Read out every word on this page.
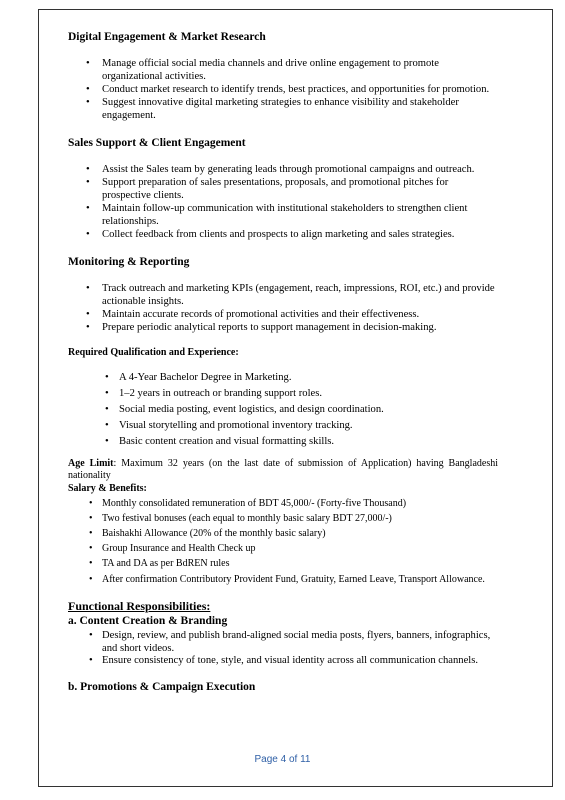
Digital Engagement & Market Research
• Manage official social media channels and drive online engagement to promote organizational activities.
• Conduct market research to identify trends, best practices, and opportunities for promotion.
• Suggest innovative digital marketing strategies to enhance visibility and stakeholder engagement.
Sales Support & Client Engagement
• Assist the Sales team by generating leads through promotional campaigns and outreach.
• Support preparation of sales presentations, proposals, and promotional pitches for prospective clients.
• Maintain follow-up communication with institutional stakeholders to strengthen client relationships.
• Collect feedback from clients and prospects to align marketing and sales strategies.
Monitoring & Reporting
• Track outreach and marketing KPIs (engagement, reach, impressions, ROI, etc.) and provide actionable insights.
• Maintain accurate records of promotional activities and their effectiveness.
• Prepare periodic analytical reports to support management in decision-making.
Required Qualification and Experience:
• A 4-Year Bachelor Degree in Marketing.
• 1–2 years in outreach or branding support roles.
• Social media posting, event logistics, and design coordination.
• Visual storytelling and promotional inventory tracking.
• Basic content creation and visual formatting skills.

Age Limit: Maximum 32 years (on the last date of submission of Application) having Bangladeshi nationality

Salary & Benefits:
• Monthly consolidated remuneration of BDT 45,000/- (Forty-five Thousand)
• Two festival bonuses (each equal to monthly basic salary BDT 27,000/-)
• Baishakhi Allowance (20% of the monthly basic salary)
• Group Insurance and Health Check up
• TA and DA as per BdREN rules
• After confirmation Contributory Provident Fund, Gratuity, Earned Leave, Transport Allowance.
Functional Responsibilities:
a. Content Creation & Branding
• Design, review, and publish brand-aligned social media posts, flyers, banners, infographics, and short videos.
• Ensure consistency of tone, style, and visual identity across all communication channels.
b. Promotions & Campaign Execution
Page 4 of 11
